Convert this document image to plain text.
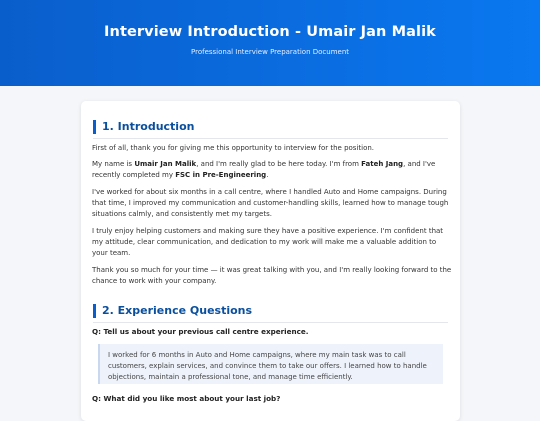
Interview Introduction - Umair Jan Malik
Professional Interview Preparation Document
1. Introduction

First of all, thank you for giving me this opportunity to interview for the position.

My name is Umair Jan Malik, and I'm really glad to be here today. I'm from Fateh Jang, and I've recently completed my FSC in Pre-Engineering.

I've worked for about six months in a call centre, where I handled Auto and Home campaigns. During that time, I improved my communication and customer-handling skills, learned how to manage tough situations calmly, and consistently met my targets.

I truly enjoy helping customers and making sure they have a positive experience. I'm confident that my attitude, clear communication, and dedication to my work will make me a valuable addition to your team.

Thank you so much for your time — it was great talking with you, and I'm really looking forward to the chance to work with your company.

2. Experience Questions
Q: Tell us about your previous call centre experience.
I worked for 6 months in Auto and Home campaigns, where my main task was to call customers, explain services, and convince them to take our offers. I learned how to handle objections, maintain a professional tone, and manage time efficiently.
Q: What did you like most about your last job?
